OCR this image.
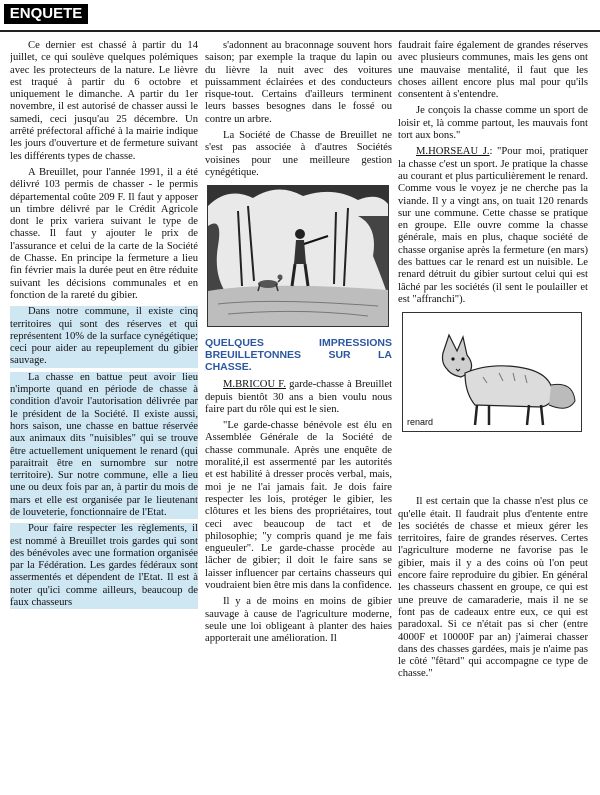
ENQUETE

Ce dernier est chassé à partir du 14 juillet, ce qui soulève quelques polémiques avec les protecteurs de la nature. Le lièvre est traqué à partir du 6 octobre et uniquement le dimanche. A partir du 1er novembre, il est autorisé de chasser aussi le samedi, ceci jusqu'au 25 décembre. Un arrêté préfectoral affiché à la mairie indique les jours d'ouverture et de fermeture suivant les différents types de chasse.

A Breuillet, pour l'année 1991, il a été délivré 103 permis de chasser - le permis départemental coûte 209 F. Il faut y apposer un timbre délivré par le Crédit Agricole dont le prix variera suivant le type de chasse. Il faut y ajouter le prix de l'assurance et celui de la carte de la Société de Chasse. En principe la fermeture a lieu fin février mais la durée peut en être réduite suivant les décisions communales et en fonction de la rareté du gibier.

Dans notre commune, il existe cinq territoires qui sont des réserves et qui représentent 10% de la surface cynégétique; ceci pour aider au repeuplement du gibier sauvage.

La chasse en battue peut avoir lieu n'importe quand en période de chasse à condition d'avoir l'autorisation délivrée par le président de la Société. Il existe aussi, hors saison, une chasse en battue réservée aux animaux dits "nuisibles" qui se trouve être actuellement uniquement le renard (qui paraitrait être en surnombre sur notre territoire). Sur notre commune, elle a lieu une ou deux fois par an, à partir du mois de mars et elle est organisée par le lieutenant de louveterie, fonctionnaire de l'Etat.

Pour faire respecter les règlements, il est nommé à Breuillet trois gardes qui sont des bénévoles avec une formation organisée par la Fédération. Les gardes fédéraux sont assermentés et dépendent de l'Etat. Il est à noter qu'ici comme ailleurs, beaucoup de faux chasseurs

s'adonnent au braconnage souvent hors saison; par exemple la traque du lapin ou du lièvre la nuit avec des voitures puissamment éclairées et des conducteurs risque-tout. Certains d'ailleurs terminent leurs basses besognes dans le fossé ou contre un arbre.

La Société de Chasse de Breuillet ne s'est pas associée à d'autres Sociétés voisines pour une meilleure gestion cynégétique.

QUELQUES IMPRESSIONS BREUILLETONNES SUR LA CHASSE.

M.BRICOU F. garde-chasse à Breuillet depuis bientôt 30 ans a bien voulu nous faire part du rôle qui est le sien.

"Le garde-chasse bénévole est élu en Assemblée Générale de la Société de chasse communale. Après une enquête de moralité,il est assermenté par les autorités et est habilité à dresser procès verbal, mais, moi je ne l'ai jamais fait. Je dois faire respecter les lois, protéger le gibier, les clôtures et les biens des propriétaires, tout ceci avec beaucoup de tact et de philosophie; "y compris quand je me fais engueuler". Le garde-chasse procède au lâcher de gibier; il doit le faire sans se laisser influencer par certains chasseurs qui voudraient bien être mis dans la confidence.

Il y a de moins en moins de gibier sauvage à cause de l'agriculture moderne, seule une loi obligeant à planter des haies apporterait une amélioration. Il

faudrait faire également de grandes réserves avec plusieurs communes, mais les gens ont une mauvaise mentalité, il faut que les choses aillent encore plus mal pour qu'ils consentent à s'entendre.

Je conçois la chasse comme un sport de loisir et, là comme partout, les mauvais font tort aux bons."

M.HORSEAU J.: "Pour moi, pratiquer la chasse c'est un sport. Je pratique la chasse au courant et plus particulièrement le renard. Comme vous le voyez je ne cherche pas la viande. Il y a vingt ans, on tuait 120 renards sur une commune. Cette chasse se pratique en groupe. Elle ouvre comme la chasse générale, mais en plus, chaque société de chasse organise après la fermeture (en mars) des battues car le renard est un nuisible. Le renard détruit du gibier surtout celui qui est lâché par les sociétés (il sent le poulailler et est "affranchi").

renard

Il est certain que la chasse n'est plus ce qu'elle était. Il faudrait plus d'entente entre les sociétés de chasse et mieux gérer les territoires, faire de grandes réserves. Certes l'agriculture moderne ne favorise pas le gibier, mais il y a des coins où l'on peut encore faire reproduire du gibier. En général les chasseurs chassent en groupe, ce qui est une preuve de camaraderie, mais il ne se font pas de cadeaux entre eux, ce qui est paradoxal. Si ce n'était pas si cher (entre 4000F et 10000F par an) j'aimerai chasser dans des chasses gardées, mais je n'aime pas le côté "fêtard" qui accompagne ce type de chasse."
